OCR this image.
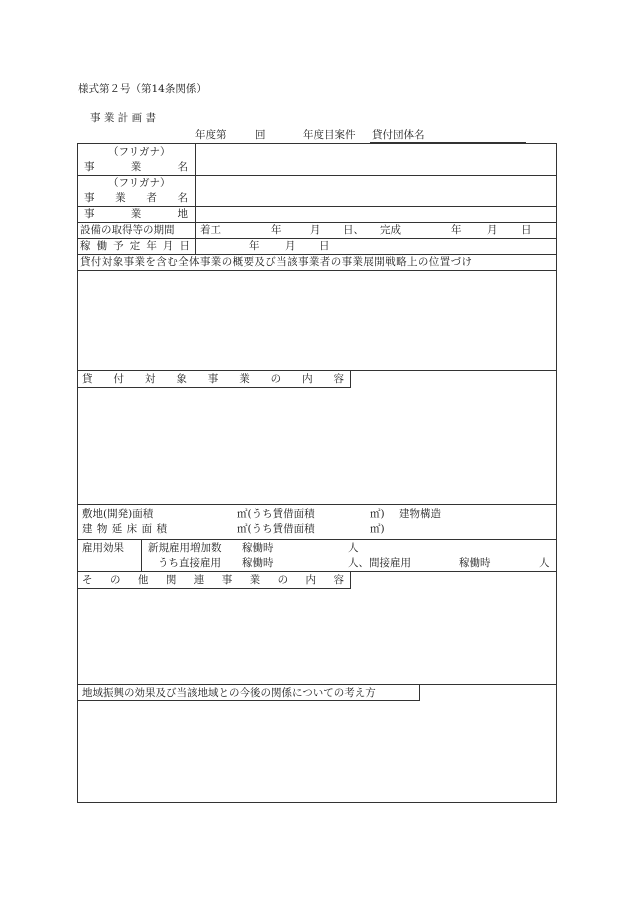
様式第２号（第14条関係）
事 業 計 画 書
年度第	回	年度目案件 貸付団体名
（フリガナ）
事	業	名
（フリガナ）
事 業 者 名
事	業	地
設備の取得等の期間 着工	年	月 日、 完成	年 月 日
稼 働 予 定 年 月 日	年 月 日
貸付対象事業を含む全体事業の概要及び当該事業者の事業展開戦略上の位置づけ
貸 付 対 象 事 業 の 内 容
敷地(開発)面積	㎡(うち賃借面積	㎡) 建物構造
建 物 延 床 面 積	㎡(うち賃借面積	㎡)
雇用効果 新規雇用増加数 稼働時	人
うち直接雇用 稼働時	人、間接雇用	稼働時	人
そ の 他 関 連 事 業 の 内 容
地域振興の効果及び当該地域との今後の関係についての考え方
